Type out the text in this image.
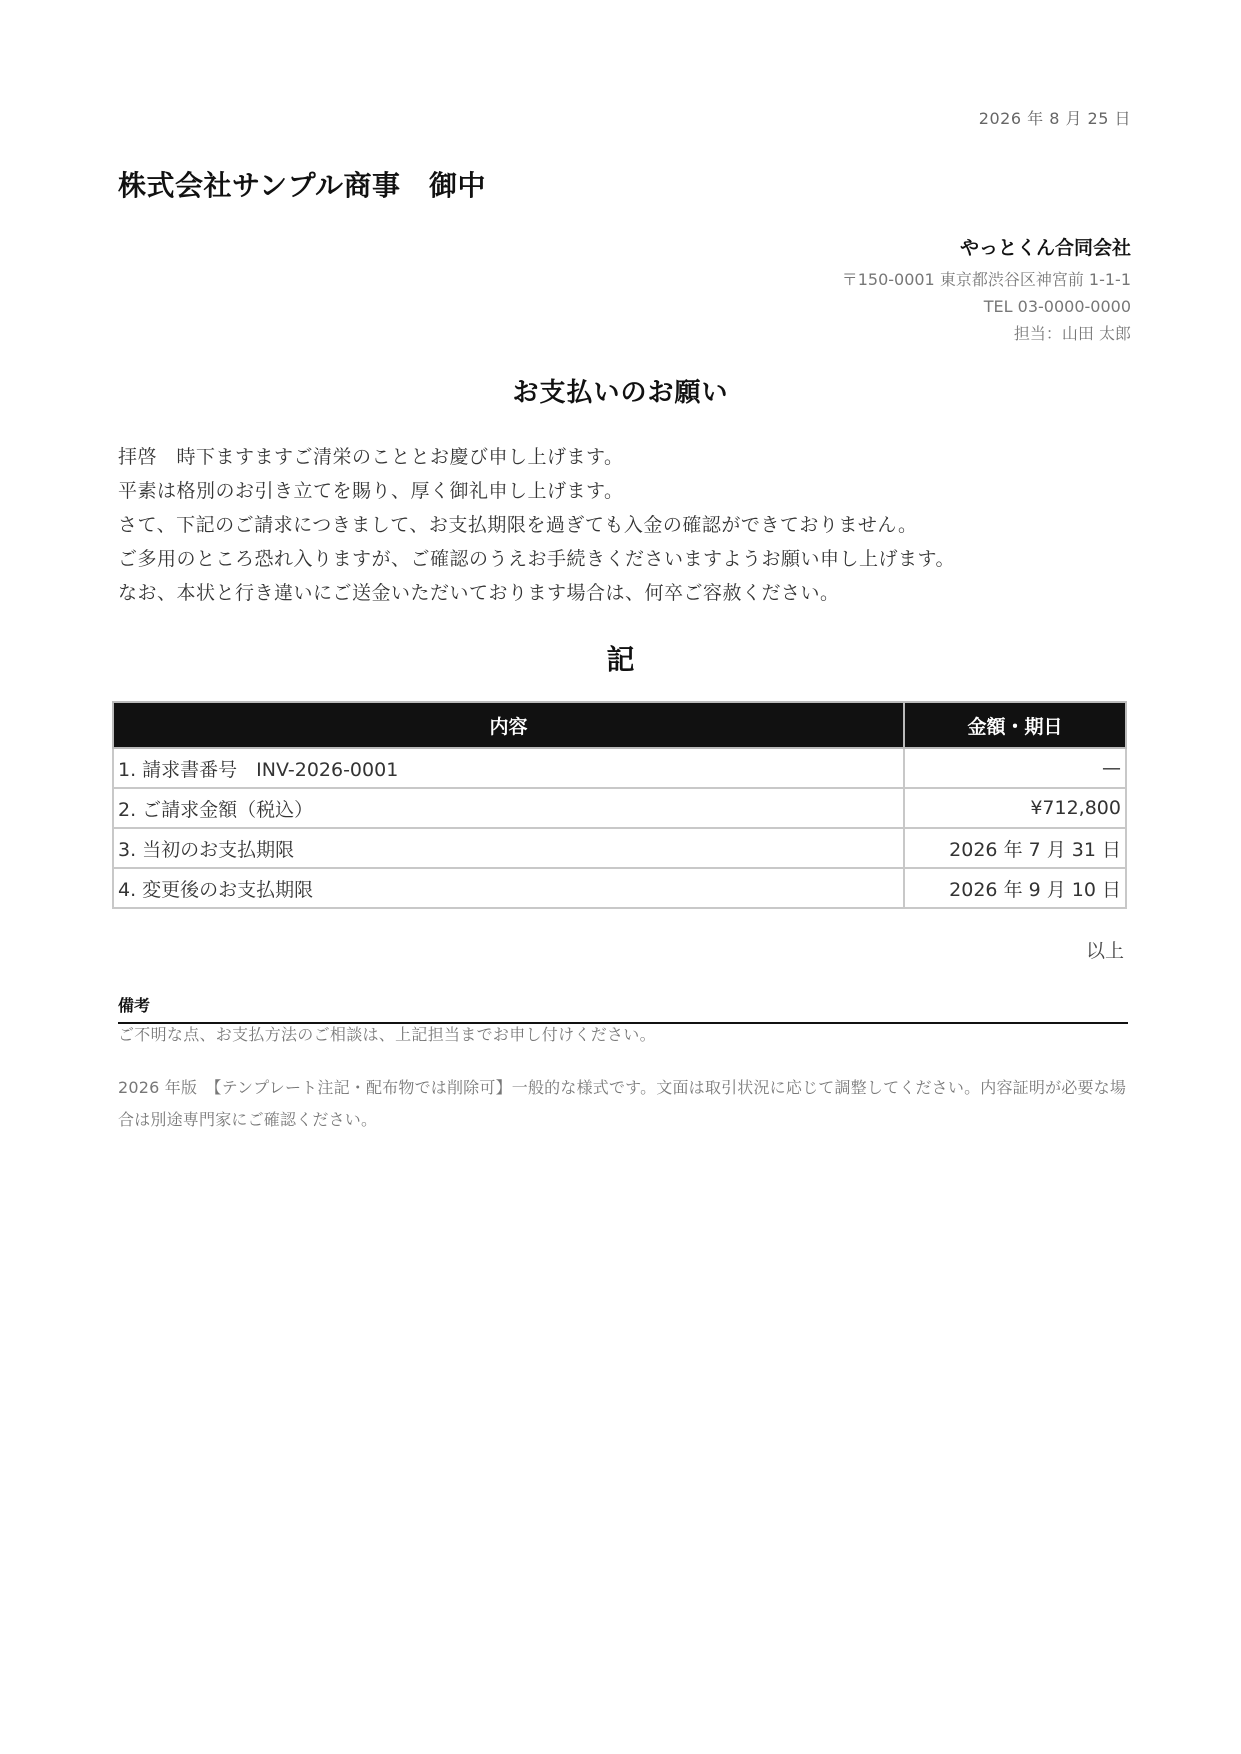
2026 年 8 月 25 日
株式会社サンプル商事　御中
やっとくん合同会社
〒150-0001 東京都渋谷区神宮前 1-1-1
TEL 03-0000-0000
担当：山田 太郎
お支払いのお願い

拝啓　時下ますますご清栄のこととお慶び申し上げます。

平素は格別のお引き立てを賜り、厚く御礼申し上げます。

さて、下記のご請求につきまして、お支払期限を過ぎても入金の確認ができておりません。

ご多用のところ恐れ入りますが、ご確認のうえお手続きくださいますようお願い申し上げます。

なお、本状と行き違いにご送金いただいております場合は、何卒ご容赦ください。

記
内容	金額・期日
1. 請求書番号　INV-2026-0001	—
2. ご請求金額（税込）	¥712,800
3. 当初のお支払期限	2026 年 7 月 31 日
4. 変更後のお支払期限	2026 年 9 月 10 日
以上
備考
ご不明な点、お支払方法のご相談は、上記担当までお申し付けください。
2026 年版　【テンプレート注記・配布物では削除可】一般的な様式です。文面は取引状況に応じて調整してください。内容証明が必要な場合は別途専門家にご確認ください。
